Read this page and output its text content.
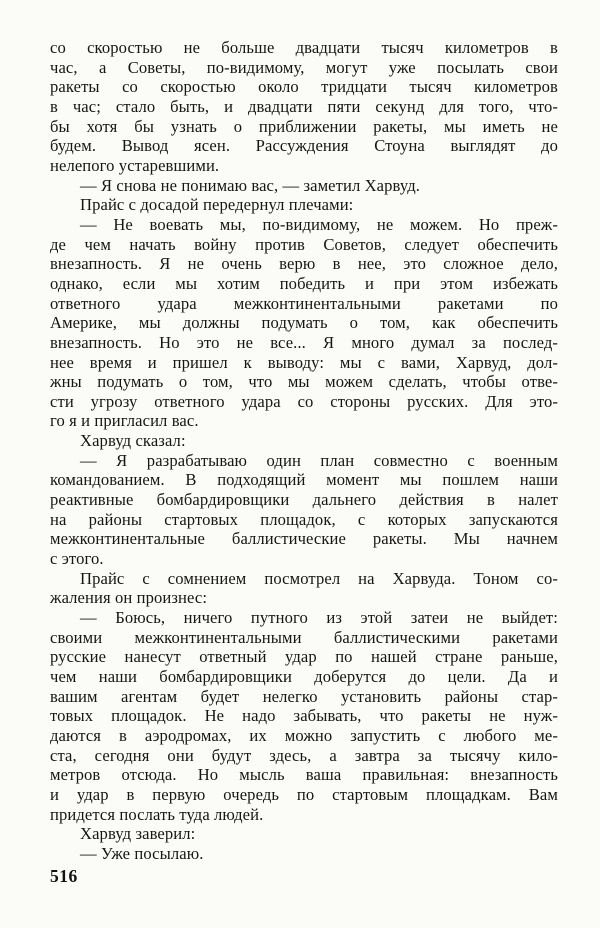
со скоростью не больше двадцати тысяч километров в
час, а Советы, по-видимому, могут уже посылать свои
ракеты со скоростью около тридцати тысяч километров
в час; стало быть, и двадцати пяти секунд для того, что-
бы хотя бы узнать о приближении ракеты, мы иметь не
будем. Вывод ясен. Рассуждения Стоуна выглядят до
нелепого устаревшими.
— Я снова не понимаю вас, — заметил Харвуд.
Прайс с досадой передернул плечами:
— Не воевать мы, по-видимому, не можем. Но преж-
де чем начать войну против Советов, следует обеспечить
внезапность. Я не очень верю в нее, это сложное дело,
однако, если мы хотим победить и при этом избежать
ответного удара межконтинентальными ракетами по
Америке, мы должны подумать о том, как обеспечить
внезапность. Но это не все... Я много думал за послед-
нее время и пришел к выводу: мы с вами, Харвуд, дол-
жны подумать о том, что мы можем сделать, чтобы отве-
сти угрозу ответного удара со стороны русских. Для это-
го я и пригласил вас.
Харвуд сказал:
— Я разрабатываю один план совместно с военным
командованием. В подходящий момент мы пошлем наши
реактивные бомбардировщики дальнего действия в налет
на районы стартовых площадок, с которых запускаются
межконтинентальные баллистические ракеты. Мы начнем
с этого.
Прайс с сомнением посмотрел на Харвуда. Тоном со-
жаления он произнес:
— Боюсь, ничего путного из этой затеи не выйдет:
своими межконтинентальными баллистическими ракетами
русские нанесут ответный удар по нашей стране раньше,
чем наши бомбардировщики доберутся до цели. Да и
вашим агентам будет нелегко установить районы стар-
товых площадок. Не надо забывать, что ракеты не нуж-
даются в аэродромах, их можно запустить с любого ме-
ста, сегодня они будут здесь, а завтра за тысячу кило-
метров отсюда. Но мысль ваша правильная: внезапность
и удар в первую очередь по стартовым площадкам. Вам
придется послать туда людей.
Харвуд заверил:
— Уже посылаю.
516
